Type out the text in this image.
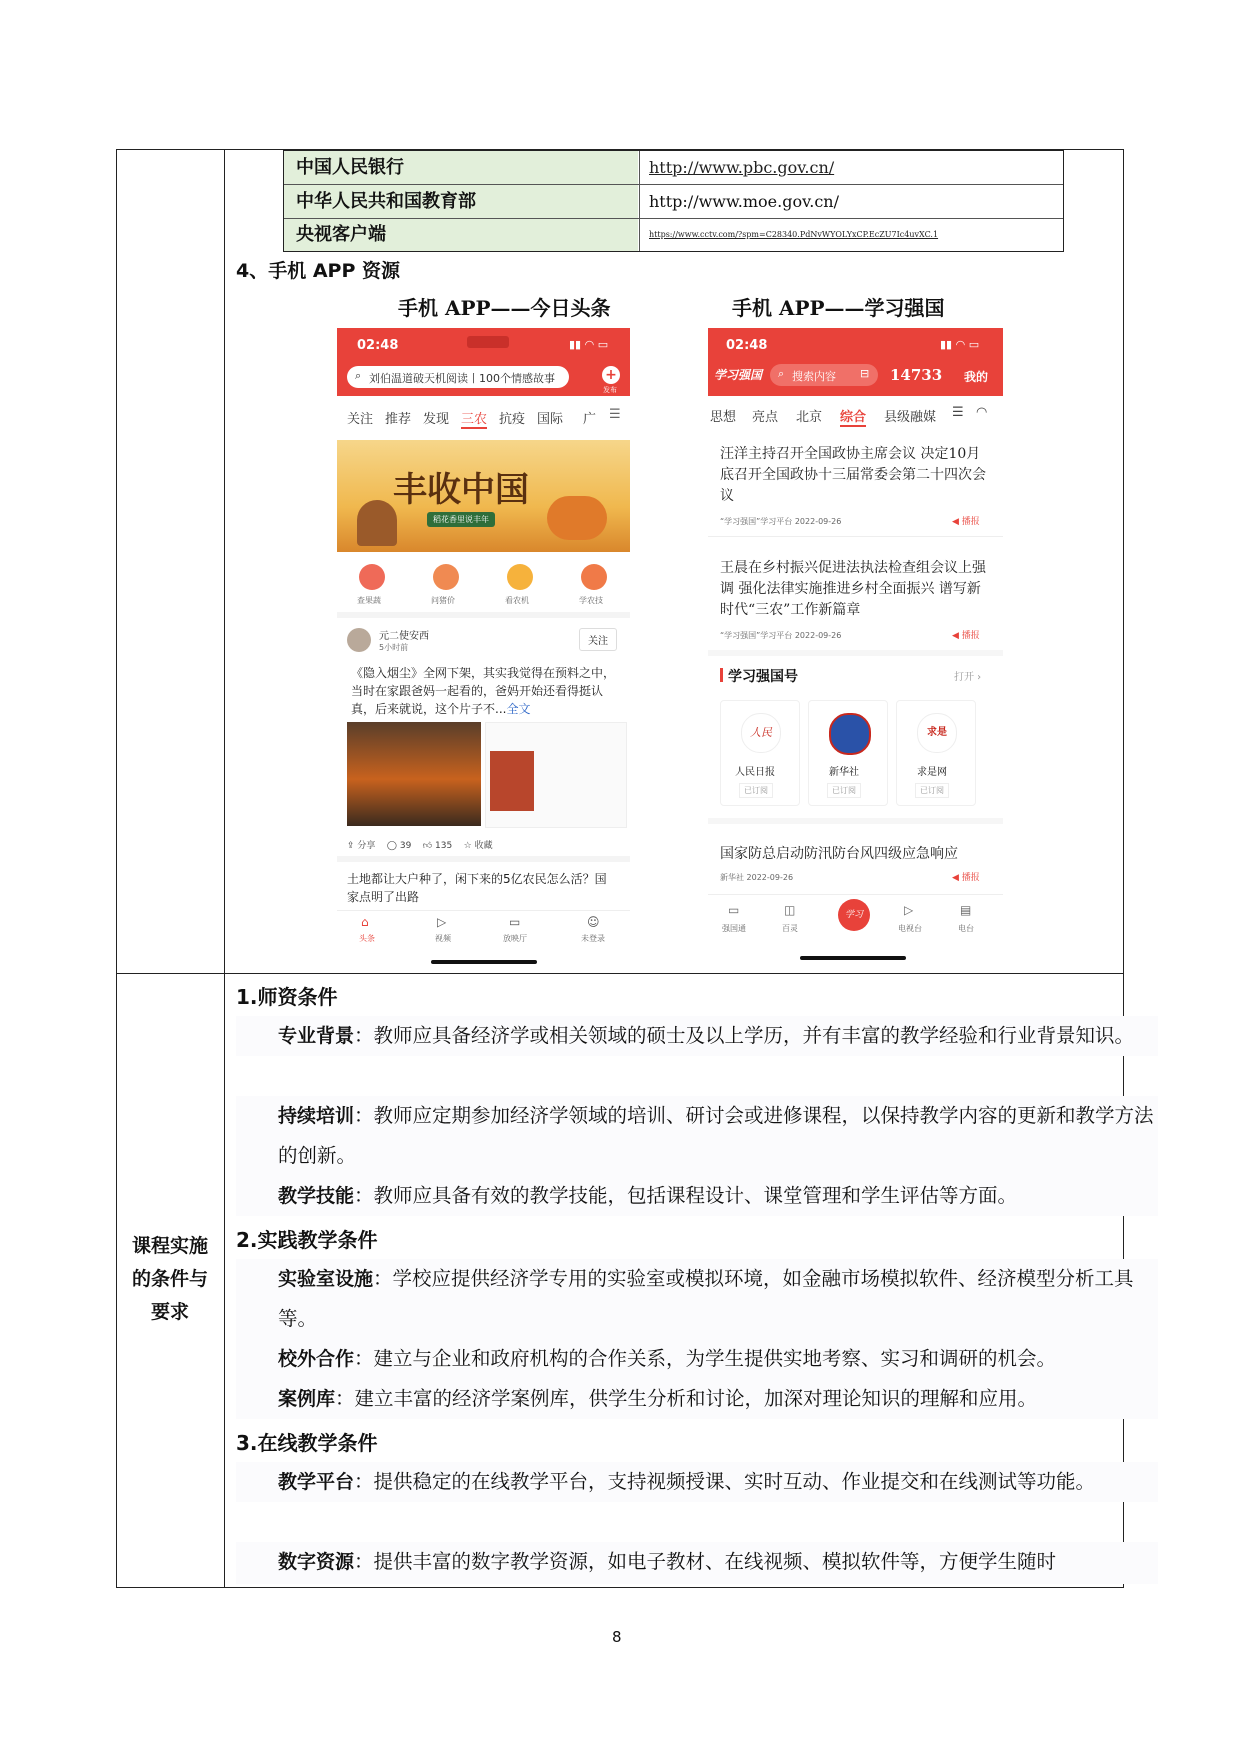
中国人民银行	http://www.pbc.gov.cn/
中华人民共和国教育部	http://www.moe.gov.cn/
央视客户端	https://www.cctv.com/?spm=C28340.PdNvWYOLYxCP.EcZU7Ic4uvXC.1
4、手机 APP 资源
手机 APP——今日头条	手机 APP——学习强国
02:48	▮▮ ◠ ▭
⌕ 刘伯温道破天机阅读丨100个情感故事	+
发布
关注 推荐 发现 三农 抗疫 国际 广 ☰
丰收中国
稻花香里说丰年
查果蔬	问猪价	看农机	学农技
元二使安西
5小时前
关注
《隐入烟尘》全网下架，其实我觉得在预料之中，当时在家跟爸妈一起看的，爸妈开始还看得挺认真，后来就说，这个片子不...全文
⇪ 分享 ◯ 39 👍︎ 135 ☆ 收藏
土地都让大户种了，闲下来的5亿农民怎么活？国家点明了出路
⌂	▷	▭	☺
头条	视频	放映厅	未登录
02:48	▮▮ ◠ ▭
学习强国 ⌕ 搜索内容 ⊟ 14733 我的
思想 亮点 北京 综合 县级融媒 ☰ ◠
汪洋主持召开全国政协主席会议 决定10月底召开全国政协十三届常委会第二十四次会议
“学习强国”学习平台 2022-09-26	◀ 播报
王晨在乡村振兴促进法执法检查组会议上强调 强化法律实施推进乡村全面振兴 谱写新时代“三农”工作新篇章
“学习强国”学习平台 2022-09-26	◀ 播报
学习强国号	打开 ›
人民
人民日报
已订阅
新华社
已订阅
求是
求是网
已订阅
国家防总启动防汛防台风四级应急响应
新华社 2022-09-26	◀ 播报
▭	◫	学习	▷	▤
强国通	百灵	电视台	电台
课程实施的条件与要求
1.师资条件
专业背景：教师应具备经济学或相关领域的硕士及以上学历，并有丰富的教学经验和行业背景知识。
持续培训：教师应定期参加经济学领域的培训、研讨会或进修课程，以保持教学内容的更新和教学方法的创新。
教学技能：教师应具备有效的教学技能，包括课程设计、课堂管理和学生评估等方面。
2.实践教学条件
实验室设施：学校应提供经济学专用的实验室或模拟环境，如金融市场模拟软件、经济模型分析工具等。
校外合作：建立与企业和政府机构的合作关系，为学生提供实地考察、实习和调研的机会。
案例库：建立丰富的经济学案例库，供学生分析和讨论，加深对理论知识的理解和应用。
3.在线教学条件
教学平台：提供稳定的在线教学平台，支持视频授课、实时互动、作业提交和在线测试等功能。
数字资源：提供丰富的数字教学资源，如电子教材、在线视频、模拟软件等，方便学生随时
8
